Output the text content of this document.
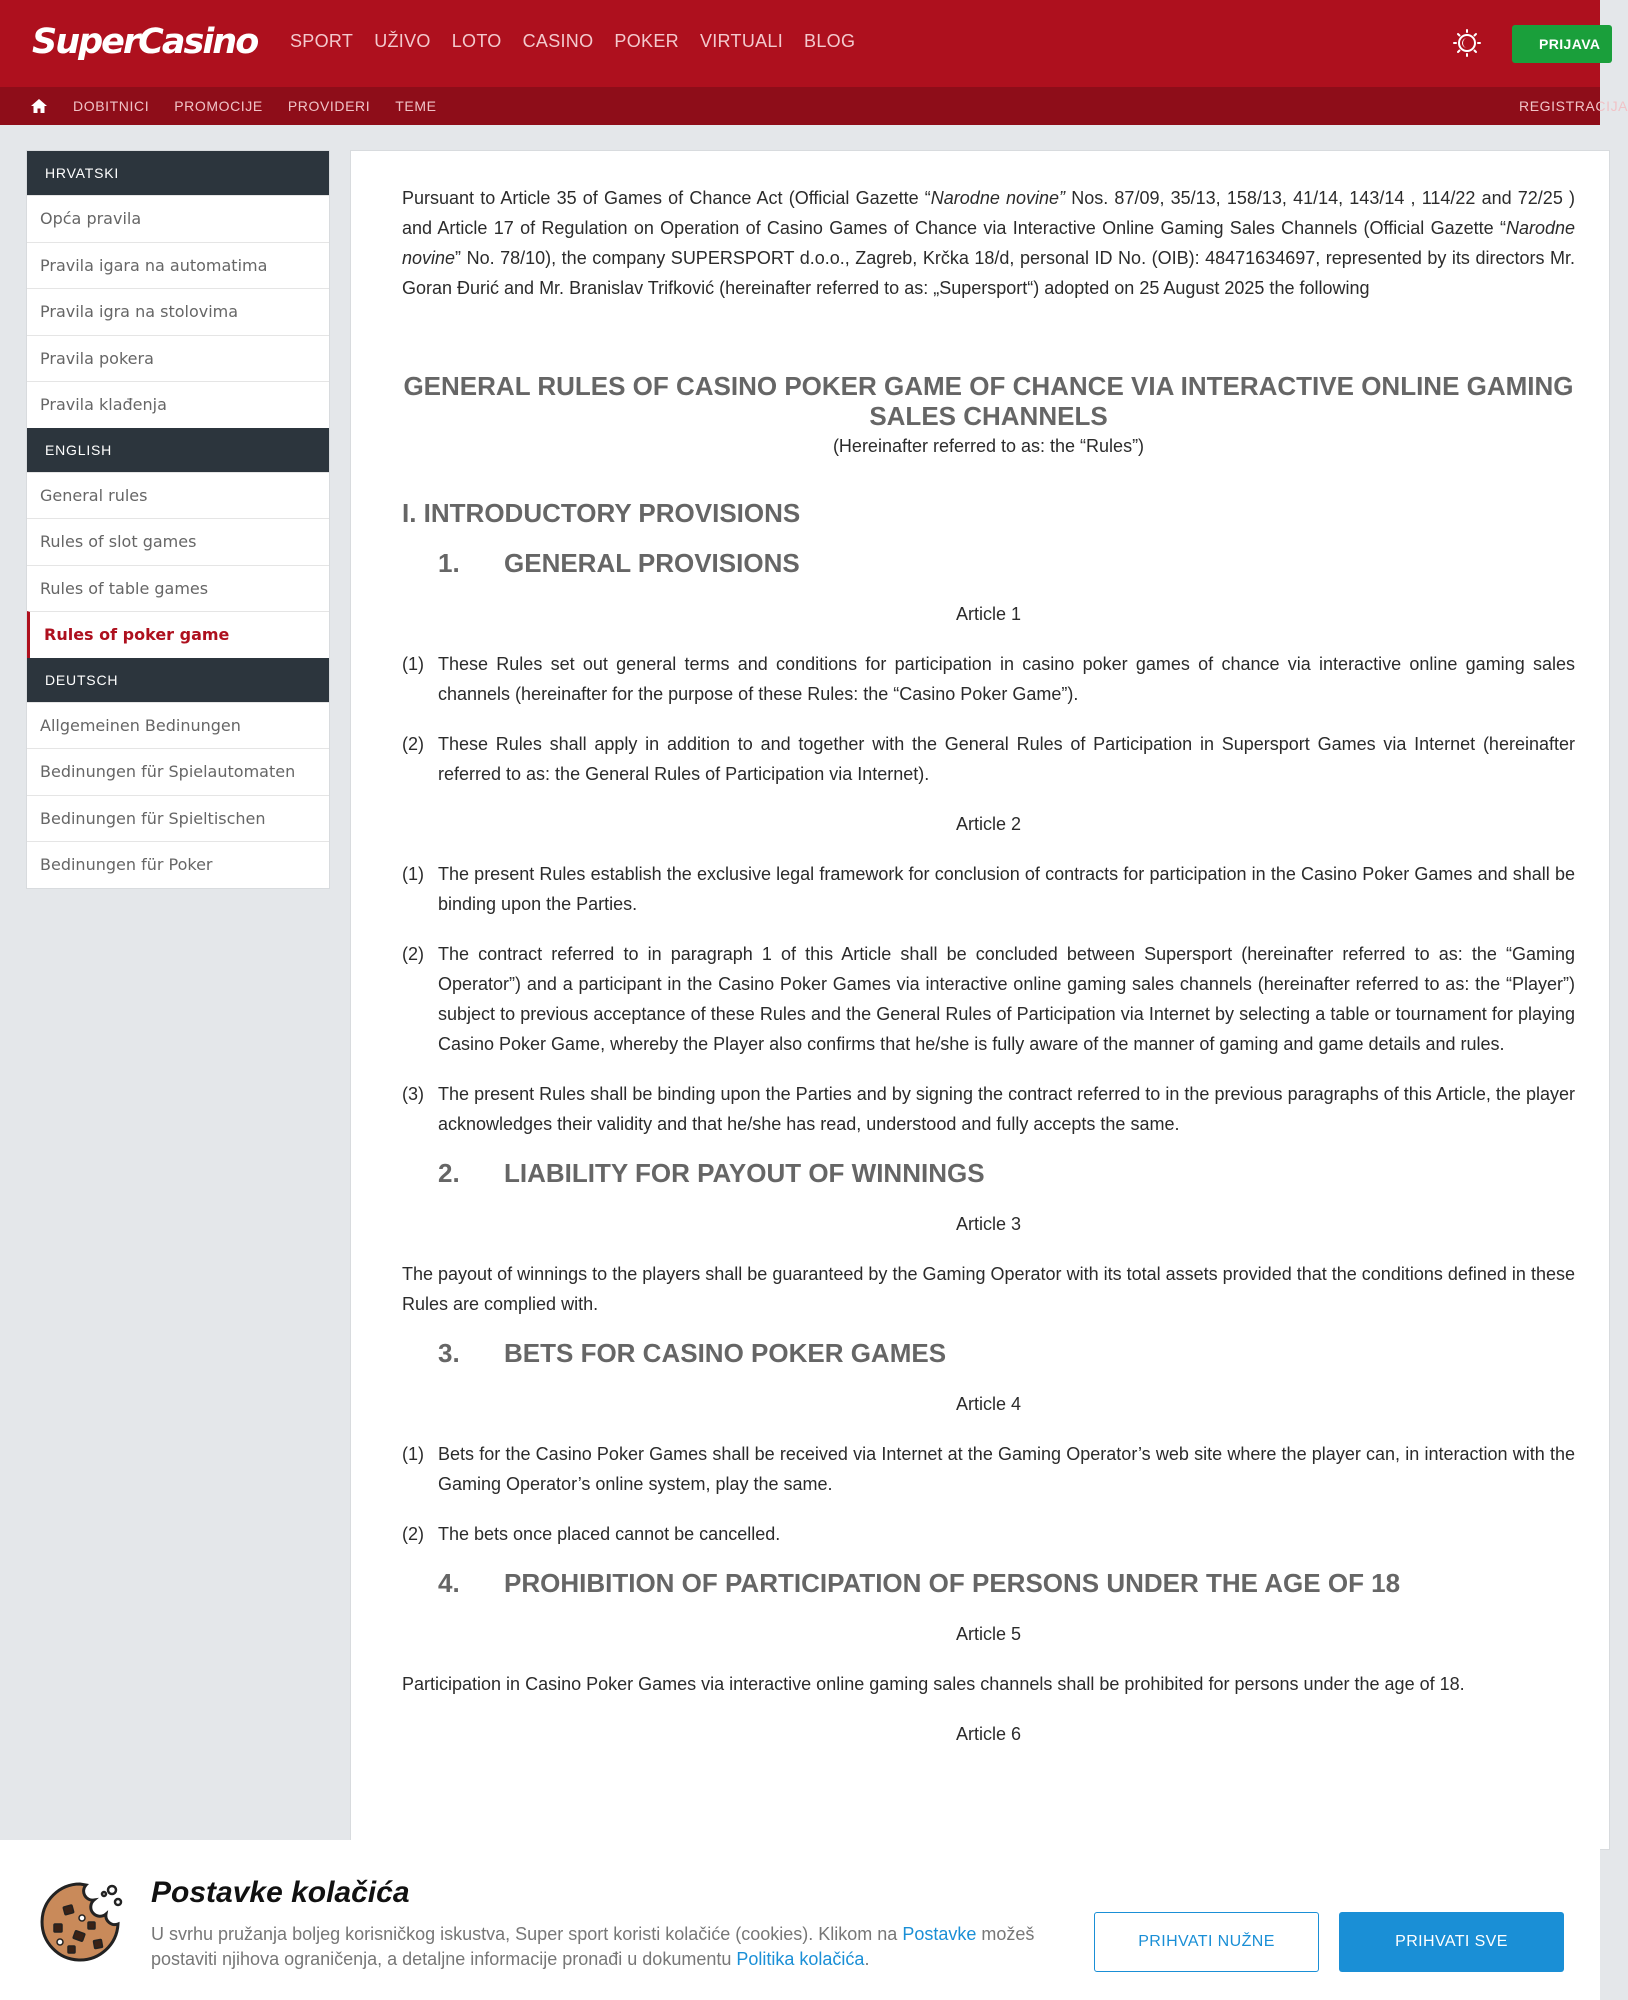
SuperCasino SPORT UŽIVO LOTO CASINO POKER VIRTUALI BLOG	PRIJAVA
DOBITNICI PROMOCIJE PROVIDERI TEME	REGISTRACIJA
HRVATSKI
Opća pravila
Pravila igara na automatima
Pravila igra na stolovima
Pravila pokera
Pravila klađenja
ENGLISH
General rules
Rules of slot games
Rules of table games
Rules of poker game
DEUTSCH
Allgemeinen Bedinungen
Bedinungen für Spielautomaten
Bedinungen für Spieltischen
Bedinungen für Poker

Pursuant to Article 35 of Games of Chance Act (Official Gazette “Narodne novine” Nos. 87/09, 35/13, 158/13, 41/14, 143/14 , 114/22 and 72/25 ) and Article 17 of Regulation on Operation of Casino Games of Chance via Interactive Online Gaming Sales Channels (Official Gazette “Narodne novine” No. 78/10), the company SUPERSPORT d.o.o., Zagreb, Krčka 18/d, personal ID No. (OIB): 48471634697, represented by its directors Mr. Goran Đurić and Mr. Branislav Trifković (hereinafter referred to as: „Supersport“) adopted on 25 August 2025 the following

GENERAL RULES OF CASINO POKER GAME OF CHANCE VIA INTERACTIVE ONLINE GAMING SALES CHANNELS
(Hereinafter referred to as: the “Rules”)
I. INTRODUCTORY PROVISIONS
1.	GENERAL PROVISIONS
Article 1

(1) These Rules set out general terms and conditions for participation in casino poker games of chance via interactive online gaming sales channels (hereinafter for the purpose of these Rules: the “Casino Poker Game”).

(2) These Rules shall apply in addition to and together with the General Rules of Participation in Supersport Games via Internet (hereinafter referred to as: the General Rules of Participation via Internet).

Article 2

(1) The present Rules establish the exclusive legal framework for conclusion of contracts for participation in the Casino Poker Games and shall be binding upon the Parties.

(2) The contract referred to in paragraph 1 of this Article shall be concluded between Supersport (hereinafter referred to as: the “Gaming Operator”) and a participant in the Casino Poker Games via interactive online gaming sales channels (hereinafter referred to as: the “Player”) subject to previous acceptance of these Rules and the General Rules of Participation via Internet by selecting a table or tournament for playing Casino Poker Game, whereby the Player also confirms that he/she is fully aware of the manner of gaming and game details and rules.

(3) The present Rules shall be binding upon the Parties and by signing the contract referred to in the previous paragraphs of this Article, the player acknowledges their validity and that he/she has read, understood and fully accepts the same.

2.	LIABILITY FOR PAYOUT OF WINNINGS
Article 3

The payout of winnings to the players shall be guaranteed by the Gaming Operator with its total assets provided that the conditions defined in these Rules are complied with.

3.	BETS FOR CASINO POKER GAMES
Article 4

(1) Bets for the Casino Poker Games shall be received via Internet at the Gaming Operator’s web site where the player can, in interaction with the Gaming Operator’s online system, play the same.

(2) The bets once placed cannot be cancelled.

4.	PROHIBITION OF PARTICIPATION OF PERSONS UNDER THE AGE OF 18
Article 5

Participation in Casino Poker Games via interactive online gaming sales channels shall be prohibited for persons under the age of 18.

Article 6
Postavke kolačića
U svrhu pružanja boljeg korisničkog iskustva, Super sport koristi kolačiće (cookies). Klikom na Postavke možeš postaviti njihova ograničenja, a detaljne informacije pronađi u dokumentu Politika kolačića.
PRIHVATI NUŽNE	PRIHVATI SVE
